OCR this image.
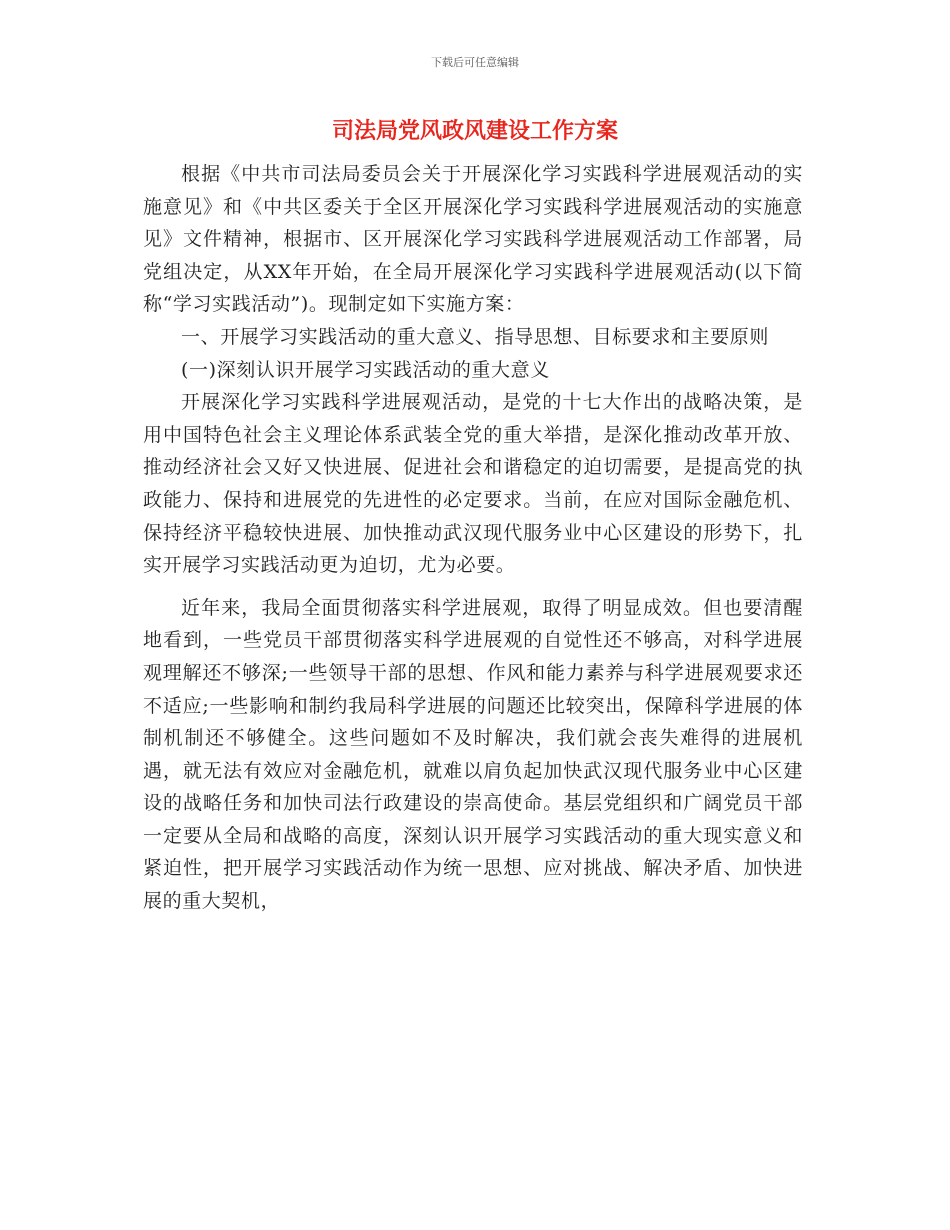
下载后可任意编辑
司法局党风政风建设工作方案

根据《中共市司法局委员会关于开展深化学习实践科学进展观活动的实施意见》和《中共区委关于全区开展深化学习实践科学进展观活动的实施意见》文件精神，根据市、区开展深化学习实践科学进展观活动工作部署，局党组决定，从XX年开始，在全局开展深化学习实践科学进展观活动(以下简称“学习实践活动”)。现制定如下实施方案：

一、开展学习实践活动的重大意义、指导思想、目标要求和主要原则

(一)深刻认识开展学习实践活动的重大意义

开展深化学习实践科学进展观活动，是党的十七大作出的战略决策，是用中国特色社会主义理论体系武装全党的重大举措，是深化推动改革开放、推动经济社会又好又快进展、促进社会和谐稳定的迫切需要，是提高党的执政能力、保持和进展党的先进性的必定要求。当前，在应对国际金融危机、保持经济平稳较快进展、加快推动武汉现代服务业中心区建设的形势下，扎实开展学习实践活动更为迫切，尤为必要。

近年来，我局全面贯彻落实科学进展观，取得了明显成效。但也要清醒地看到，一些党员干部贯彻落实科学进展观的自觉性还不够高，对科学进展观理解还不够深;一些领导干部的思想、作风和能力素养与科学进展观要求还不适应;一些影响和制约我局科学进展的问题还比较突出，保障科学进展的体制机制还不够健全。这些问题如不及时解决，我们就会丧失难得的进展机遇，就无法有效应对金融危机，就难以肩负起加快武汉现代服务业中心区建设的战略任务和加快司法行政建设的崇高使命。基层党组织和广阔党员干部一定要从全局和战略的高度，深刻认识开展学习实践活动的重大现实意义和紧迫性，把开展学习实践活动作为统一思想、应对挑战、解决矛盾、加快进展的重大契机，
